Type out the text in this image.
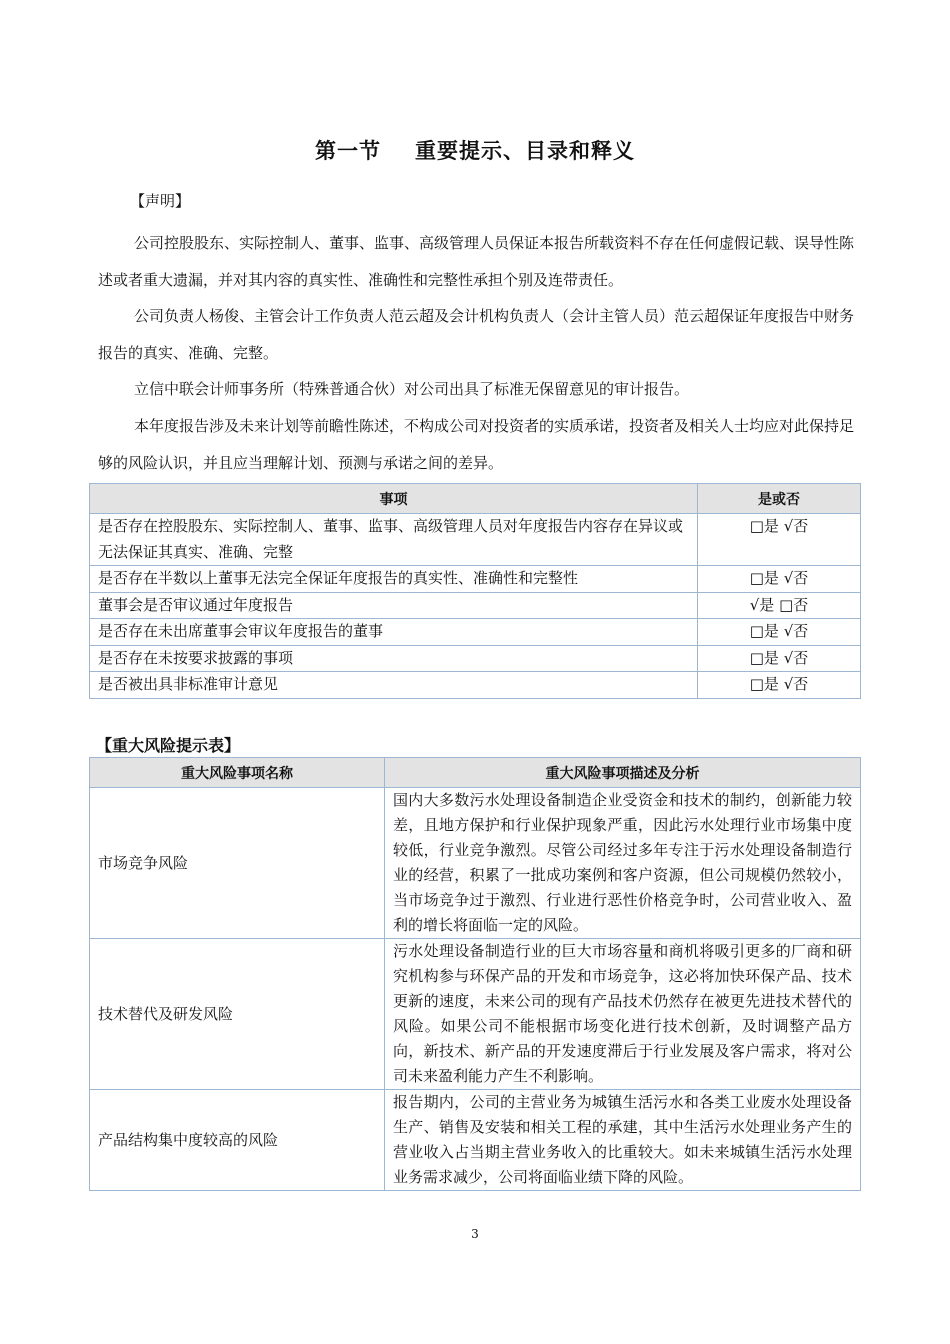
第一节 重要提示、目录和释义
【声明】
公司控股股东、实际控制人、董事、监事、高级管理人员保证本报告所载资料不存在任何虚假记载、误导性陈述或者重大遗漏，并对其内容的真实性、准确性和完整性承担个别及连带责任。
公司负责人杨俊、主管会计工作负责人范云超及会计机构负责人（会计主管人员）范云超保证年度报告中财务报告的真实、准确、完整。
立信中联会计师事务所（特殊普通合伙）对公司出具了标准无保留意见的审计报告。
本年度报告涉及未来计划等前瞻性陈述，不构成公司对投资者的实质承诺，投资者及相关人士均应对此保持足够的风险认识，并且应当理解计划、预测与承诺之间的差异。
事项	是或否
是否存在控股股东、实际控制人、董事、监事、高级管理人员对年度报告内容存在异议或无法保证其真实、准确、完整	□是 √否
是否存在半数以上董事无法完全保证年度报告的真实性、准确性和完整性	□是 √否
董事会是否审议通过年度报告	√是 □否
是否存在未出席董事会审议年度报告的董事	□是 √否
是否存在未按要求披露的事项	□是 √否
是否被出具非标准审计意见	□是 √否
【重大风险提示表】
重大风险事项名称	重大风险事项描述及分析
市场竞争风险	国内大多数污水处理设备制造企业受资金和技术的制约，创新能力较差，且地方保护和行业保护现象严重，因此污水处理行业市场集中度较低，行业竞争激烈。尽管公司经过多年专注于污水处理设备制造行业的经营，积累了一批成功案例和客户资源，但公司规模仍然较小，当市场竞争过于激烈、行业进行恶性价格竞争时，公司营业收入、盈利的增长将面临一定的风险。
技术替代及研发风险	污水处理设备制造行业的巨大市场容量和商机将吸引更多的厂商和研究机构参与环保产品的开发和市场竞争，这必将加快环保产品、技术更新的速度，未来公司的现有产品技术仍然存在被更先进技术替代的风险。如果公司不能根据市场变化进行技术创新，及时调整产品方向，新技术、新产品的开发速度滞后于行业发展及客户需求，将对公司未来盈利能力产生不利影响。
产品结构集中度较高的风险	报告期内，公司的主营业务为城镇生活污水和各类工业废水处理设备生产、销售及安装和相关工程的承建，其中生活污水处理业务产生的营业收入占当期主营业务收入的比重较大。如未来城镇生活污水处理业务需求减少，公司将面临业绩下降的风险。
3
